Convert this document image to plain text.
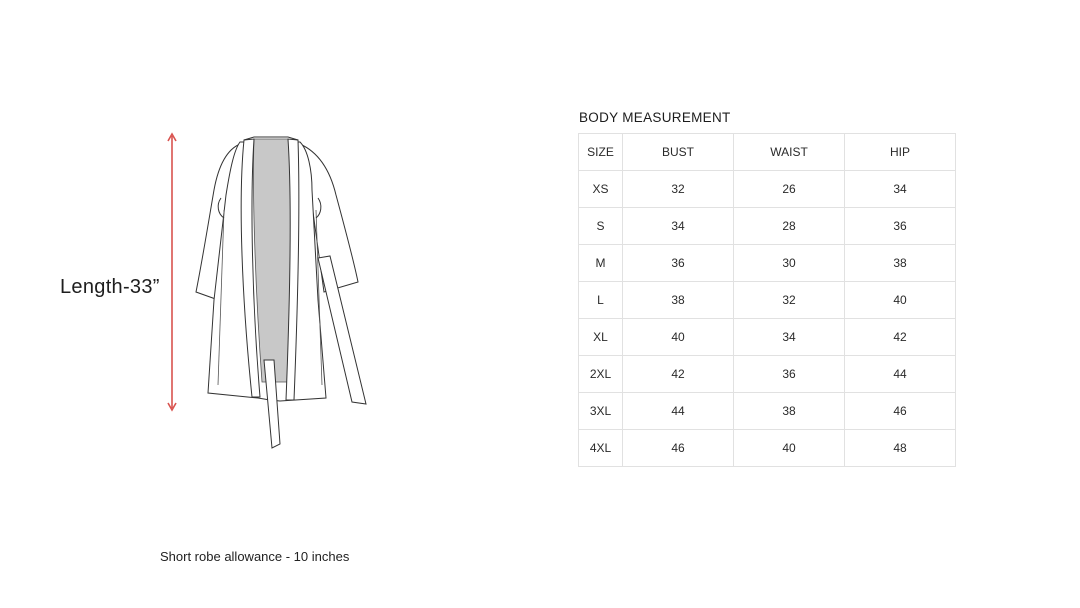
Length-33”
Short robe allowance - 10 inches
BODY MEASUREMENT
SIZE	BUST	WAIST	HIP
XS	32	26	34
S	34	28	36
M	36	30	38
L	38	32	40
XL	40	34	42
2XL	42	36	44
3XL	44	38	46
4XL	46	40	48
